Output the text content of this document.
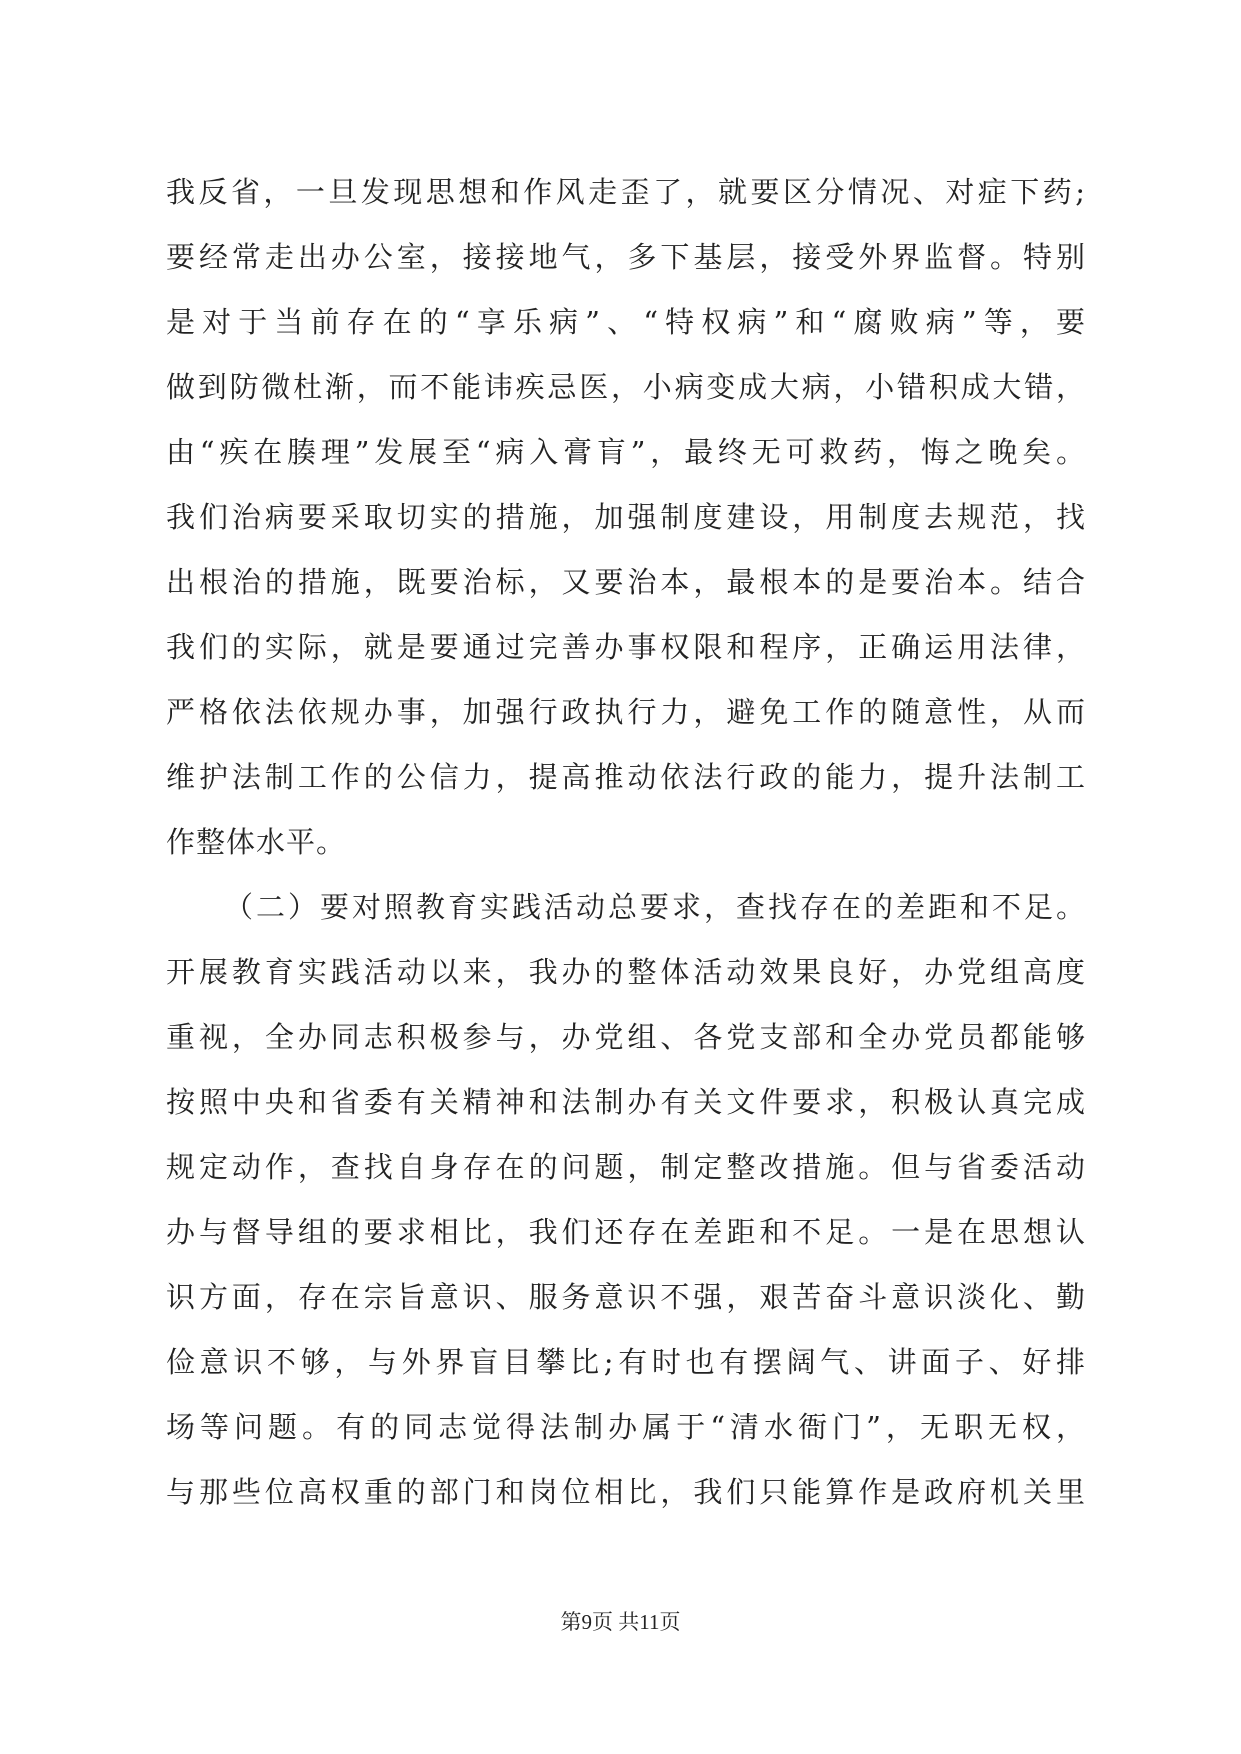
我反省，一旦发现思想和作风走歪了，就要区分情况、对症下药;
要经常走出办公室，接接地气，多下基层，接受外界监督。特别
是对于当前存在的“享乐病”、“特权病”和“腐败病”等，要
做到防微杜渐，而不能讳疾忌医，小病变成大病，小错积成大错，
由“疾在腠理”发展至“病入膏肓”，最终无可救药，悔之晚矣。
我们治病要采取切实的措施，加强制度建设，用制度去规范，找
出根治的措施，既要治标，又要治本，最根本的是要治本。结合
我们的实际，就是要通过完善办事权限和程序，正确运用法律，
严格依法依规办事，加强行政执行力，避免工作的随意性，从而
维护法制工作的公信力，提高推动依法行政的能力，提升法制工
作整体水平。
（二）要对照教育实践活动总要求，查找存在的差距和不足。
开展教育实践活动以来，我办的整体活动效果良好，办党组高度
重视，全办同志积极参与，办党组、各党支部和全办党员都能够
按照中央和省委有关精神和法制办有关文件要求，积极认真完成
规定动作，查找自身存在的问题，制定整改措施。但与省委活动
办与督导组的要求相比，我们还存在差距和不足。一是在思想认
识方面，存在宗旨意识、服务意识不强，艰苦奋斗意识淡化、勤
俭意识不够，与外界盲目攀比;有时也有摆阔气、讲面子、好排
场等问题。有的同志觉得法制办属于“清水衙门”，无职无权，
与那些位高权重的部门和岗位相比，我们只能算作是政府机关里
第9页 共11页
